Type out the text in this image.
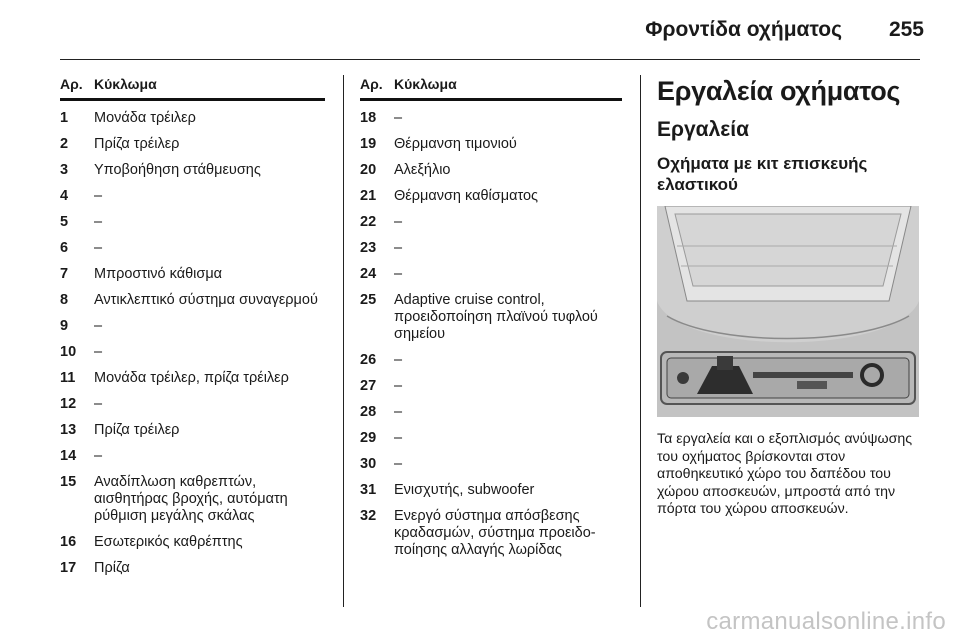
Φροντίδα οχήματος 255
Αρ. Κύκλωμα
1	Μονάδα τρέιλερ
2	Πρίζα τρέιλερ
3	Υποβοήθηση στάθμευσης
4	–
5	–
6	–
7	Μπροστινό κάθισμα
8	Αντικλεπτικό σύστημα συναγερμού
9	–
10	–
11	Μονάδα τρέιλερ, πρίζα τρέιλερ
12	–
13	Πρίζα τρέιλερ
14	–
15	Αναδίπλωση καθρεπτών, αισθητήρας βροχής, αυτόματη ρύθμιση μεγάλης σκάλας
16	Εσωτερικός καθρέπτης
17	Πρίζα
Αρ. Κύκλωμα
18	–
19	Θέρμανση τιμονιού
20	Αλεξήλιο
21	Θέρμανση καθίσματος
22	–
23	–
24	–
25	Adaptive cruise control, προειδοποίηση πλαϊνού τυφλού σημείου
26	–
27	–
28	–
29	–
30	–
31	Ενισχυτής, subwoofer
32	Ενεργό σύστημα απόσβεσης κραδασμών, σύστημα προειδοποίησης αλλαγής λωρίδας
Εργαλεία οχήματος
Εργαλεία
Οχήματα με κιτ επισκευής ελαστικού
Τα εργαλεία και ο εξοπλισμός ανύψωσης του οχήματος βρίσκονται στον αποθηκευτικό χώρο του δαπέδου του χώρου αποσκευών, μπροστά από την πόρτα του χώρου αποσκευών.
carmanualsonline.info
